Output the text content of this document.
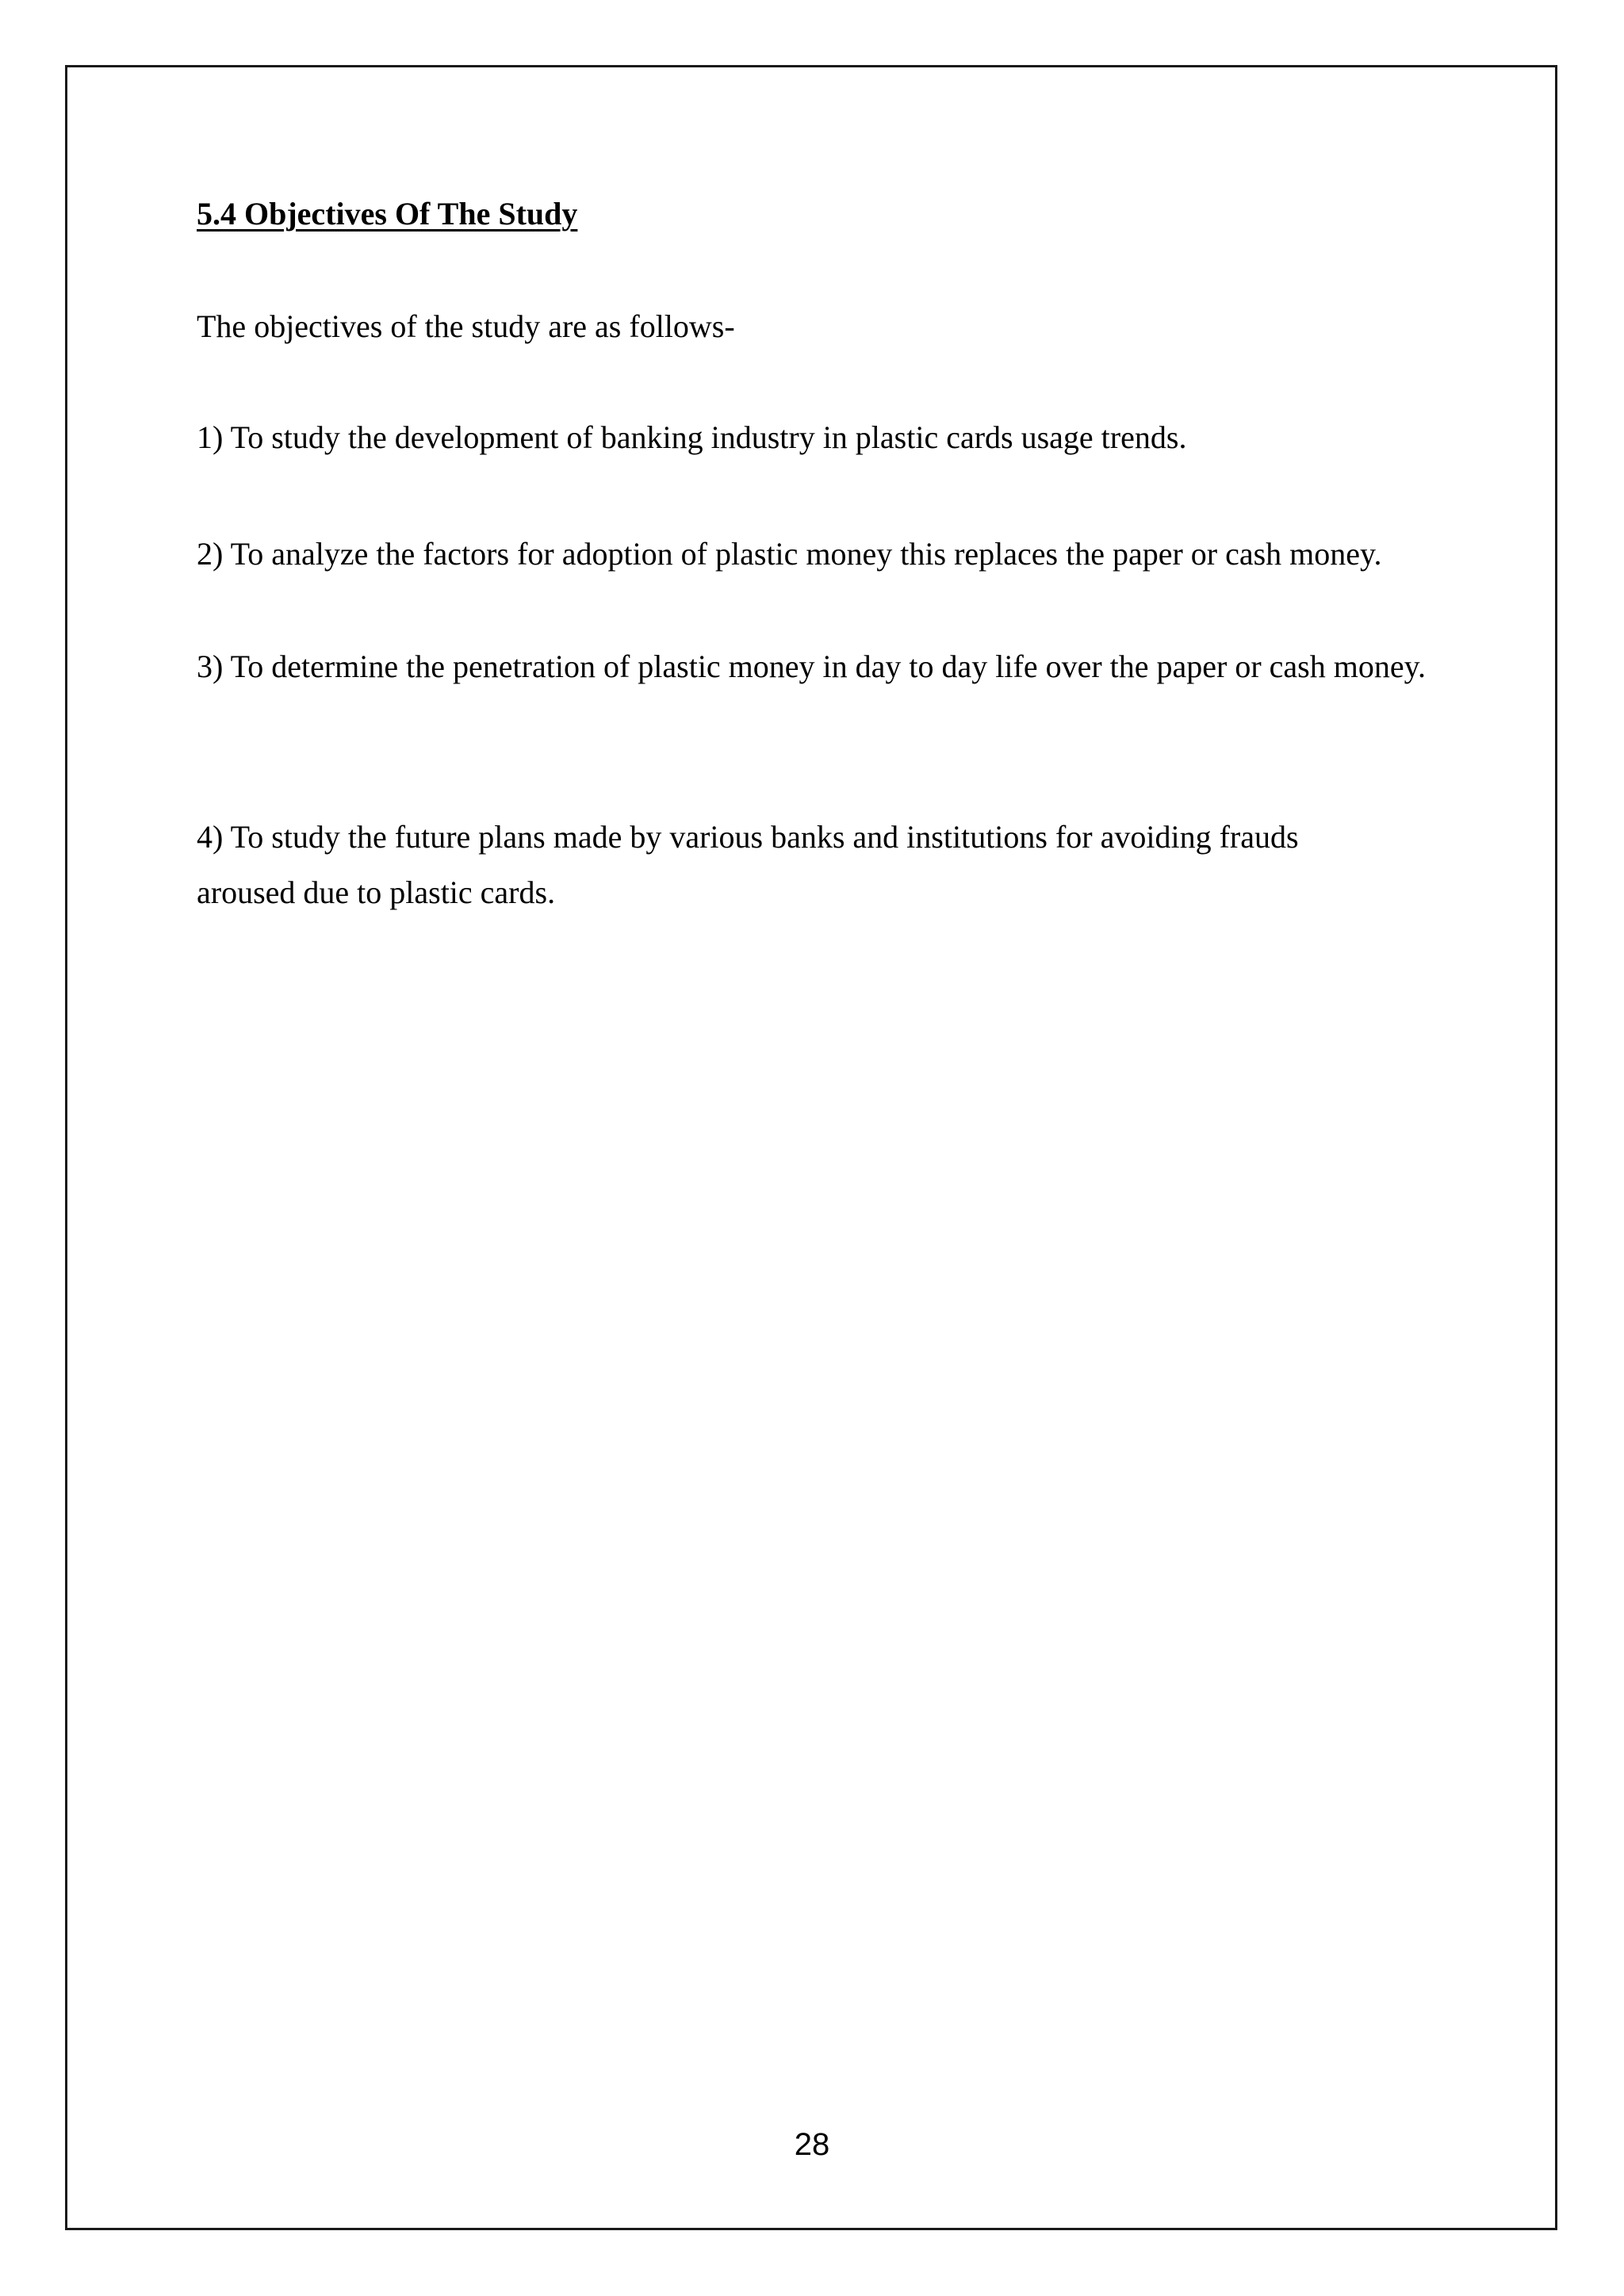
5.4 Objectives Of The Study

The objectives of the study are as follows-

1) To study the development of banking industry in plastic cards usage trends.

2) To analyze the factors for adoption of plastic money this replaces the paper or cash money.

3) To determine the penetration of plastic money in day to day life over the paper or cash money.

4) To study the future plans made by various banks and institutions for avoiding frauds aroused due to plastic cards.

28
